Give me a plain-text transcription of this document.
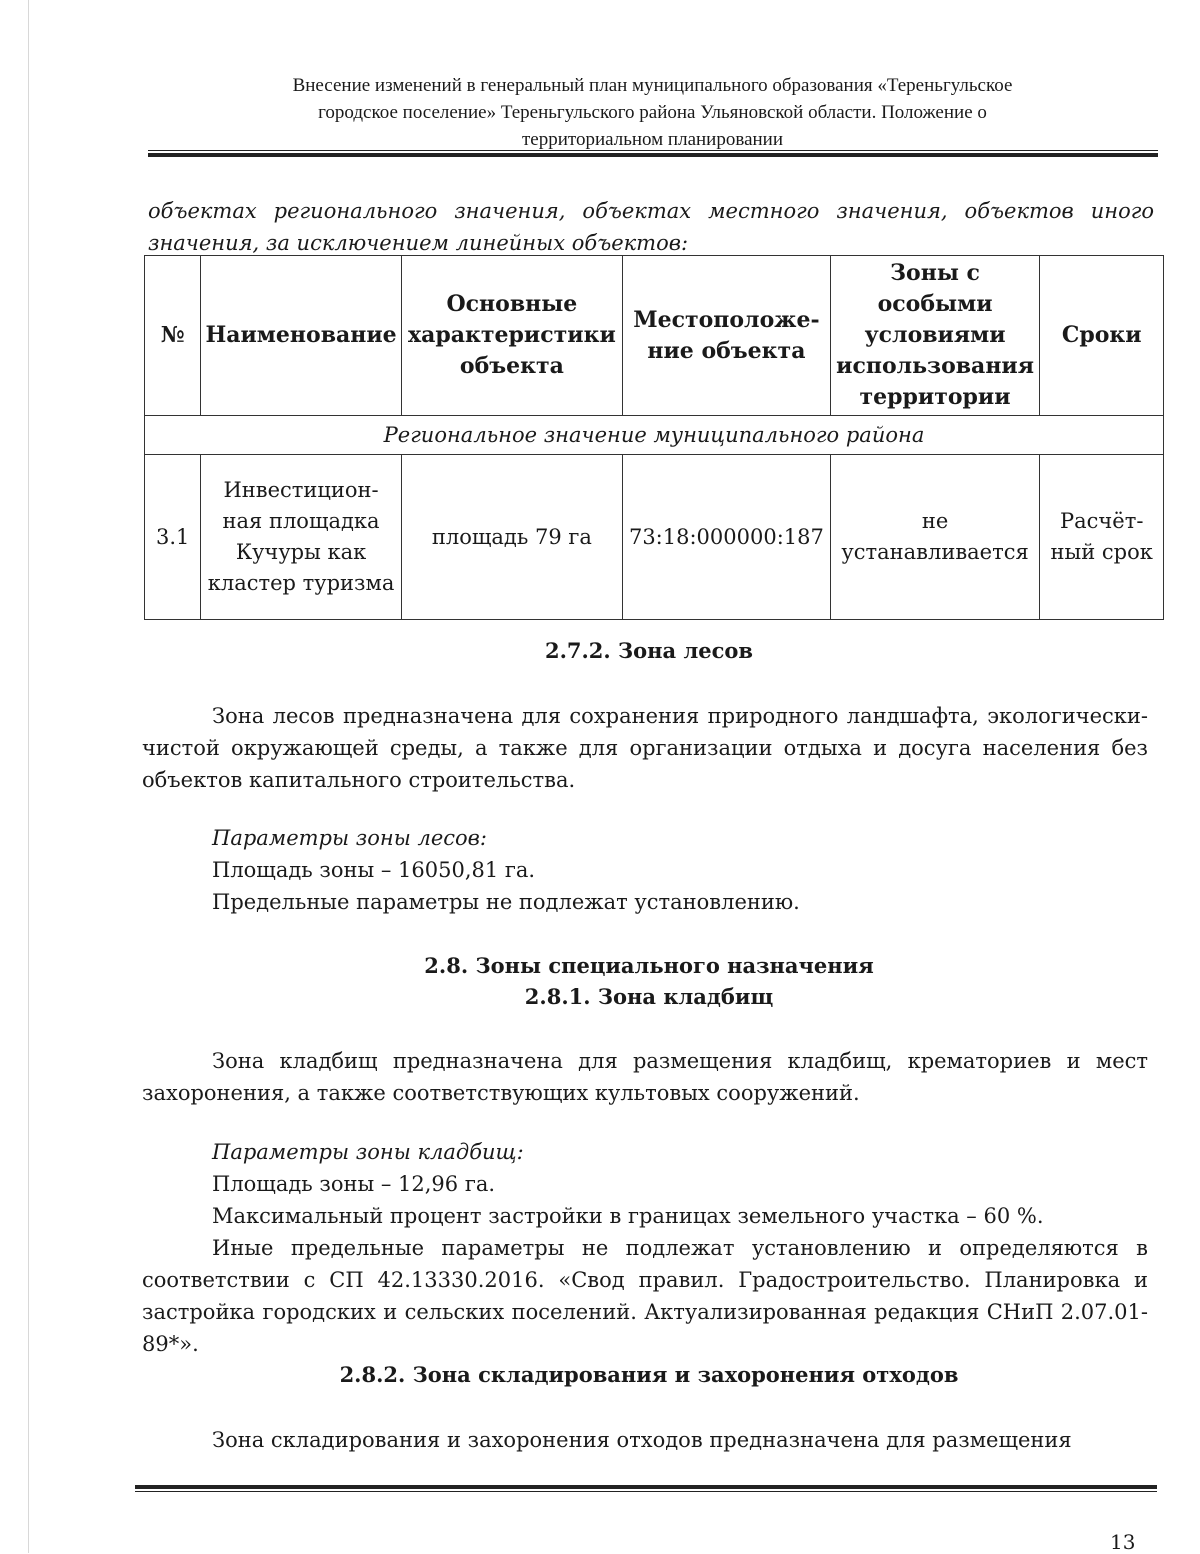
Внесение изменений в генеральный план муниципального образования «Тереньгульское
городское поселение» Тереньгульского района Ульяновской области. Положение о
территориальном планировании
объектах регионального значения, объектах местного значения, объектов иного значения, за исключением линейных объектов:
№	Наименование	Основные характеристики объекта	Местоположе-ние объекта	Зоны с особыми условиями использования территории	Сроки
Региональное значение муниципального района					
3.1	Инвестицион-ная площадка Кучуры как кластер туризма	площадь 79 га	73:18:000000:187	не устанавливается	Расчёт-ный срок
2.7.2. Зона лесов
Зона лесов предназначена для сохранения природного ландшафта, экологически-чистой окружающей среды, а также для организации отдыха и досуга населения без объектов капитального строительства.
Параметры зоны лесов:
Площадь зоны – 16050,81 га.
Предельные параметры не подлежат установлению.
2.8. Зоны специального назначения
2.8.1. Зона кладбищ
Зона кладбищ предназначена для размещения кладбищ, крематориев и мест захоронения, а также соответствующих культовых сооружений.
Параметры зоны кладбищ:
Площадь зоны – 12,96 га.
Максимальный процент застройки в границах земельного участка – 60 %.
Иные предельные параметры не подлежат установлению и определяются в соответствии с СП 42.13330.2016. «Свод правил. Градостроительство. Планировка и застройка городских и сельских поселений. Актуализированная редакция СНиП 2.07.01-89*».
2.8.2. Зона складирования и захоронения отходов
Зона складирования и захоронения отходов предназначена для размещения
13
